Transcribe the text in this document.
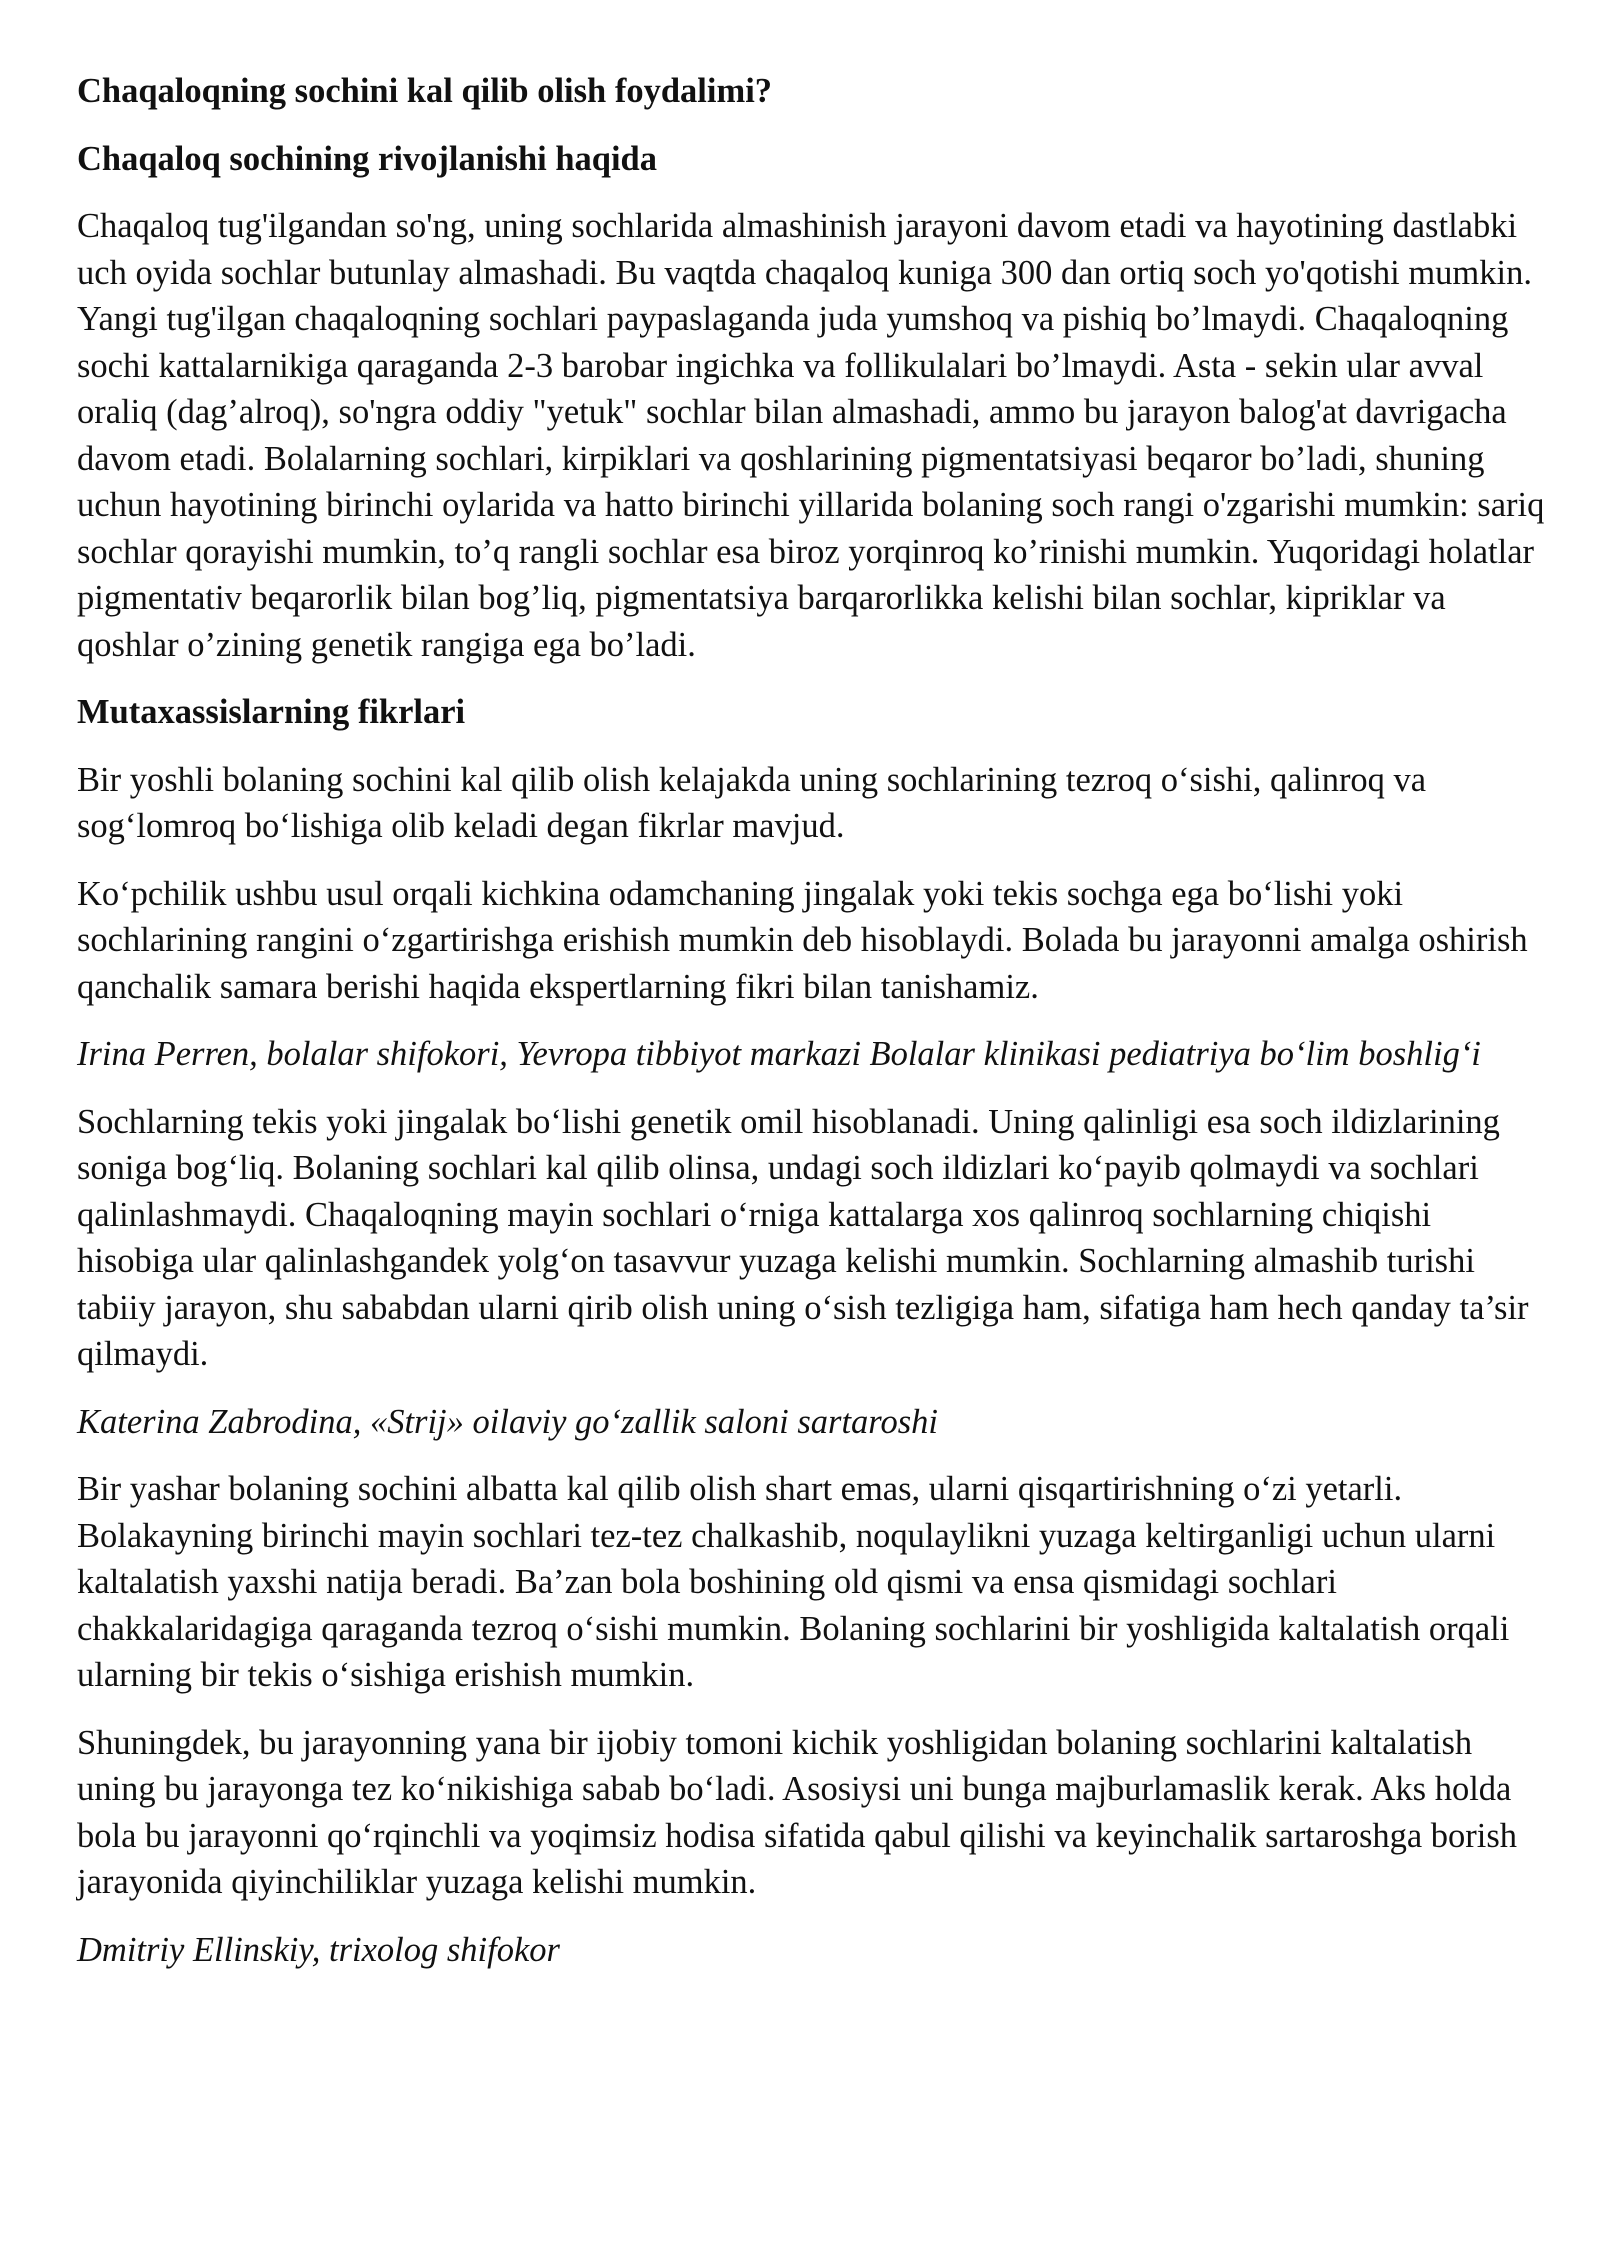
Chaqaloqning sochini kal qilib olish foydalimi?

Chaqaloq sochining rivojlanishi haqida

Chaqaloq tug'ilgandan so'ng, uning sochlarida almashinish jarayoni davom etadi va hayotining dastlabki uch oyida sochlar butunlay almashadi. Bu vaqtda chaqaloq kuniga 300 dan ortiq soch yo'qotishi mumkin. Yangi tug'ilgan chaqaloqning sochlari paypaslaganda juda yumshoq va pishiq bo’lmaydi. Chaqaloqning sochi kattalarnikiga qaraganda 2-3 barobar ingichka va follikulalari bo’lmaydi. Asta - sekin ular avval oraliq (dag’alroq), so'ngra oddiy "yetuk" sochlar bilan almashadi, ammo bu jarayon balog'at davrigacha davom etadi. Bolalarning sochlari, kirpiklari va qoshlarining pigmentatsiyasi beqaror bo’ladi, shuning uchun hayotining birinchi oylarida va hatto birinchi yillarida bolaning soch rangi o'zgarishi mumkin: sariq sochlar qorayishi mumkin, to’q rangli sochlar esa biroz yorqinroq ko’rinishi mumkin. Yuqoridagi holatlar pigmentativ beqarorlik bilan bog’liq, pigmentatsiya barqarorlikka kelishi bilan sochlar, kipriklar va qoshlar o’zining genetik rangiga ega bo’ladi.

Mutaxassislarning fikrlari

Bir yoshli bolaning sochini kal qilib olish kelajakda uning sochlarining tezroq o‘sishi, qalinroq va sog‘lomroq bo‘lishiga olib keladi degan fikrlar mavjud.

Ko‘pchilik ushbu usul orqali kichkina odamchaning jingalak yoki tekis sochga ega bo‘lishi yoki sochlarining rangini o‘zgartirishga erishish mumkin deb hisoblaydi. Bolada bu jarayonni amalga oshirish qanchalik samara berishi haqida ekspertlarning fikri bilan tanishamiz.

Irina Perren, bolalar shifokori, Yevropa tibbiyot markazi Bolalar klinikasi pediatriya bo‘lim boshlig‘i

Sochlarning tekis yoki jingalak bo‘lishi genetik omil hisoblanadi. Uning qalinligi esa soch ildizlarining soniga bog‘liq. Bolaning sochlari kal qilib olinsa, undagi soch ildizlari ko‘payib qolmaydi va sochlari qalinlashmaydi. Chaqaloqning mayin sochlari o‘rniga kattalarga xos qalinroq sochlarning chiqishi hisobiga ular qalinlashgandek yolg‘on tasavvur yuzaga kelishi mumkin. Sochlarning almashib turishi tabiiy jarayon, shu sababdan ularni qirib olish uning o‘sish tezligiga ham, sifatiga ham hech qanday ta’sir qilmaydi.

Katerina Zabrodina, «Strij» oilaviy go‘zallik saloni sartaroshi

Bir yashar bolaning sochini albatta kal qilib olish shart emas, ularni qisqartirishning o‘zi yetarli. Bolakayning birinchi mayin sochlari tez-tez chalkashib, noqulaylikni yuzaga keltirganligi uchun ularni kaltalatish yaxshi natija beradi. Ba’zan bola boshining old qismi va ensa qismidagi sochlari chakkalaridagiga qaraganda tezroq o‘sishi mumkin. Bolaning sochlarini bir yoshligida kaltalatish orqali ularning bir tekis o‘sishiga erishish mumkin.

Shuningdek, bu jarayonning yana bir ijobiy tomoni kichik yoshligidan bolaning sochlarini kaltalatish uning bu jarayonga tez ko‘nikishiga sabab bo‘ladi. Asosiysi uni bunga majburlamaslik kerak. Aks holda bola bu jarayonni qo‘rqinchli va yoqimsiz hodisa sifatida qabul qilishi va keyinchalik sartaroshga borish jarayonida qiyinchiliklar yuzaga kelishi mumkin.

Dmitriy Ellinskiy, trixolog shifokor
